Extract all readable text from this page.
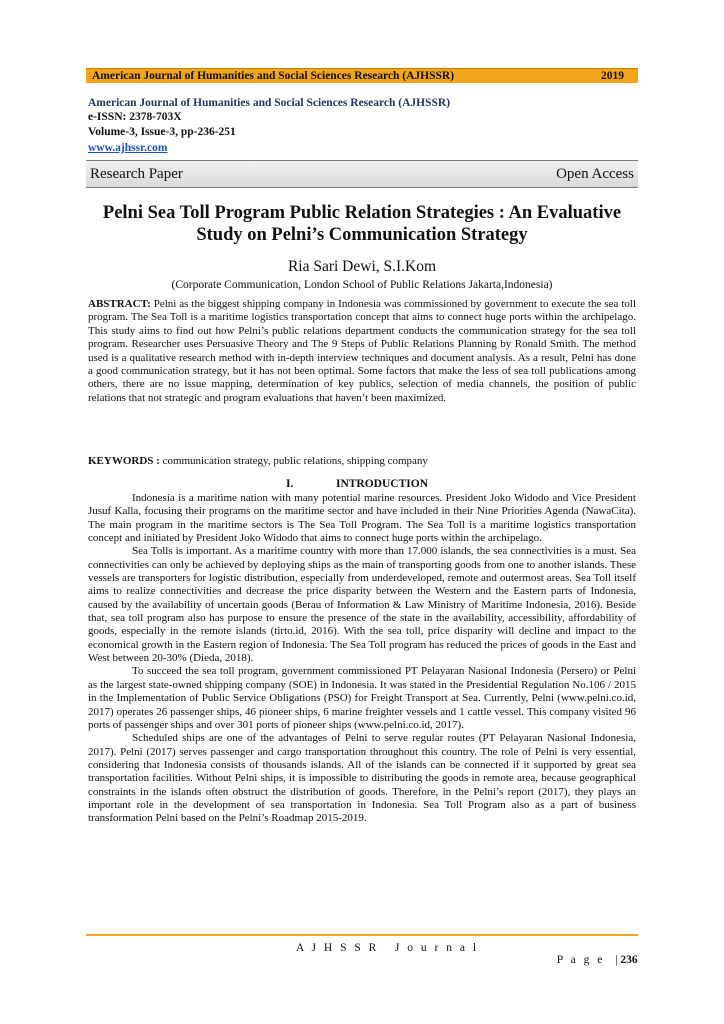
American Journal of Humanities and Social Sciences Research (AJHSSR)	2019
American Journal of Humanities and Social Sciences Research (AJHSSR)
e-ISSN: 2378-703X
Volume-3, Issue-3, pp-236-251
www.ajhssr.com
Research Paper	Open Access
Pelni Sea Toll Program Public Relation Strategies : An Evaluative
Study on Pelni’s Communication Strategy
Ria Sari Dewi, S.I.Kom
(Corporate Communication, London School of Public Relations Jakarta,Indonesia)
ABSTRACT: Pelni as the biggest shipping company in Indonesia was commissioned by government to execute the sea toll program. The Sea Toll is a maritime logistics transportation concept that aims to connect huge ports within the archipelago. This study aims to find out how Pelni’s public relations department conducts the communication strategy for the sea toll program. Researcher uses Persuasive Theory and The 9 Steps of Public Relations Planning by Ronald Smith. The method used is a qualitative research method with in-depth interview techniques and document analysis. As a result, Pelni has done a good communication strategy, but it has not been optimal. Some factors that make the less of sea toll publications among others, there are no issue mapping, determination of key publics, selection of media channels, the position of public relations that not strategic and program evaluations that haven’t been maximized.
KEYWORDS : communication strategy, public relations, shipping company
I.	INTRODUCTION

Indonesia is a maritime nation with many potential marine resources. President Joko Widodo and Vice President Jusuf Kalla, focusing their programs on the maritime sector and have included in their Nine Priorities Agenda (NawaCita). The main program in the maritime sectors is The Sea Toll Program. The Sea Toll is a maritime logistics transportation concept and initiated by President Joko Widodo that aims to connect huge ports within the archipelago.

Sea Tolls is important. As a maritime country with more than 17.000 islands, the sea connectivities is a must. Sea connectivities can only be achieved by deploying ships as the main of transporting goods from one to another islands. These vessels are transporters for logistic distribution, especially from underdeveloped, remote and outermost areas. Sea Toll itself aims to realize connectivities and decrease the price disparity between the Western and the Eastern parts of Indonesia, caused by the availability of uncertain goods (Berau of Information & Law Ministry of Maritime Indonesia, 2016). Beside that, sea toll program also has purpose to ensure the presence of the state in the availability, accessibility, affordability of goods, especially in the remote islands (tirto.id, 2016). With the sea toll, price disparity will decline and impact to the economical growth in the Eastern region of Indonesia. The Sea Toll program has reduced the prices of goods in the East and West between 20-30% (Dieda, 2018).

To succeed the sea toll program, government commissioned PT Pelayaran Nasional Indonesia (Persero) or Pelni as the largest state-owned shipping company (SOE) in Indonesia. It was stated in the Presidential Regulation No.106 / 2015 in the Implementation of Public Service Obligations (PSO) for Freight Transport at Sea. Currently, Pelni (www.pelni.co.id, 2017) operates 26 passenger ships, 46 pioneer ships, 6 marine freighter vessels and 1 cattle vessel. This company visited 96 ports of passenger ships and over 301 ports of pioneer ships (www.pelni.co.id, 2017).

Scheduled ships are one of the advantages of Pelni to serve regular routes (PT Pelayaran Nasional Indonesia, 2017). Pelni (2017) serves passenger and cargo transportation throughout this country. The role of Pelni is very essential, considering that Indonesia consists of thousands islands. All of the islands can be connected if it supported by great sea transportation facilities. Without Pelni ships, it is impossible to distributing the goods in remote area, because geographical constraints in the islands often obstruct the distribution of goods. Therefore, in the Pelni’s report (2017), they plays an important role in the development of sea transportation in Indonesia. Sea Toll Program also as a part of business transformation Pelni based on the Pelni’s Roadmap 2015-2019.

A J H S S R   J o u r n a l

P a g e  |236
